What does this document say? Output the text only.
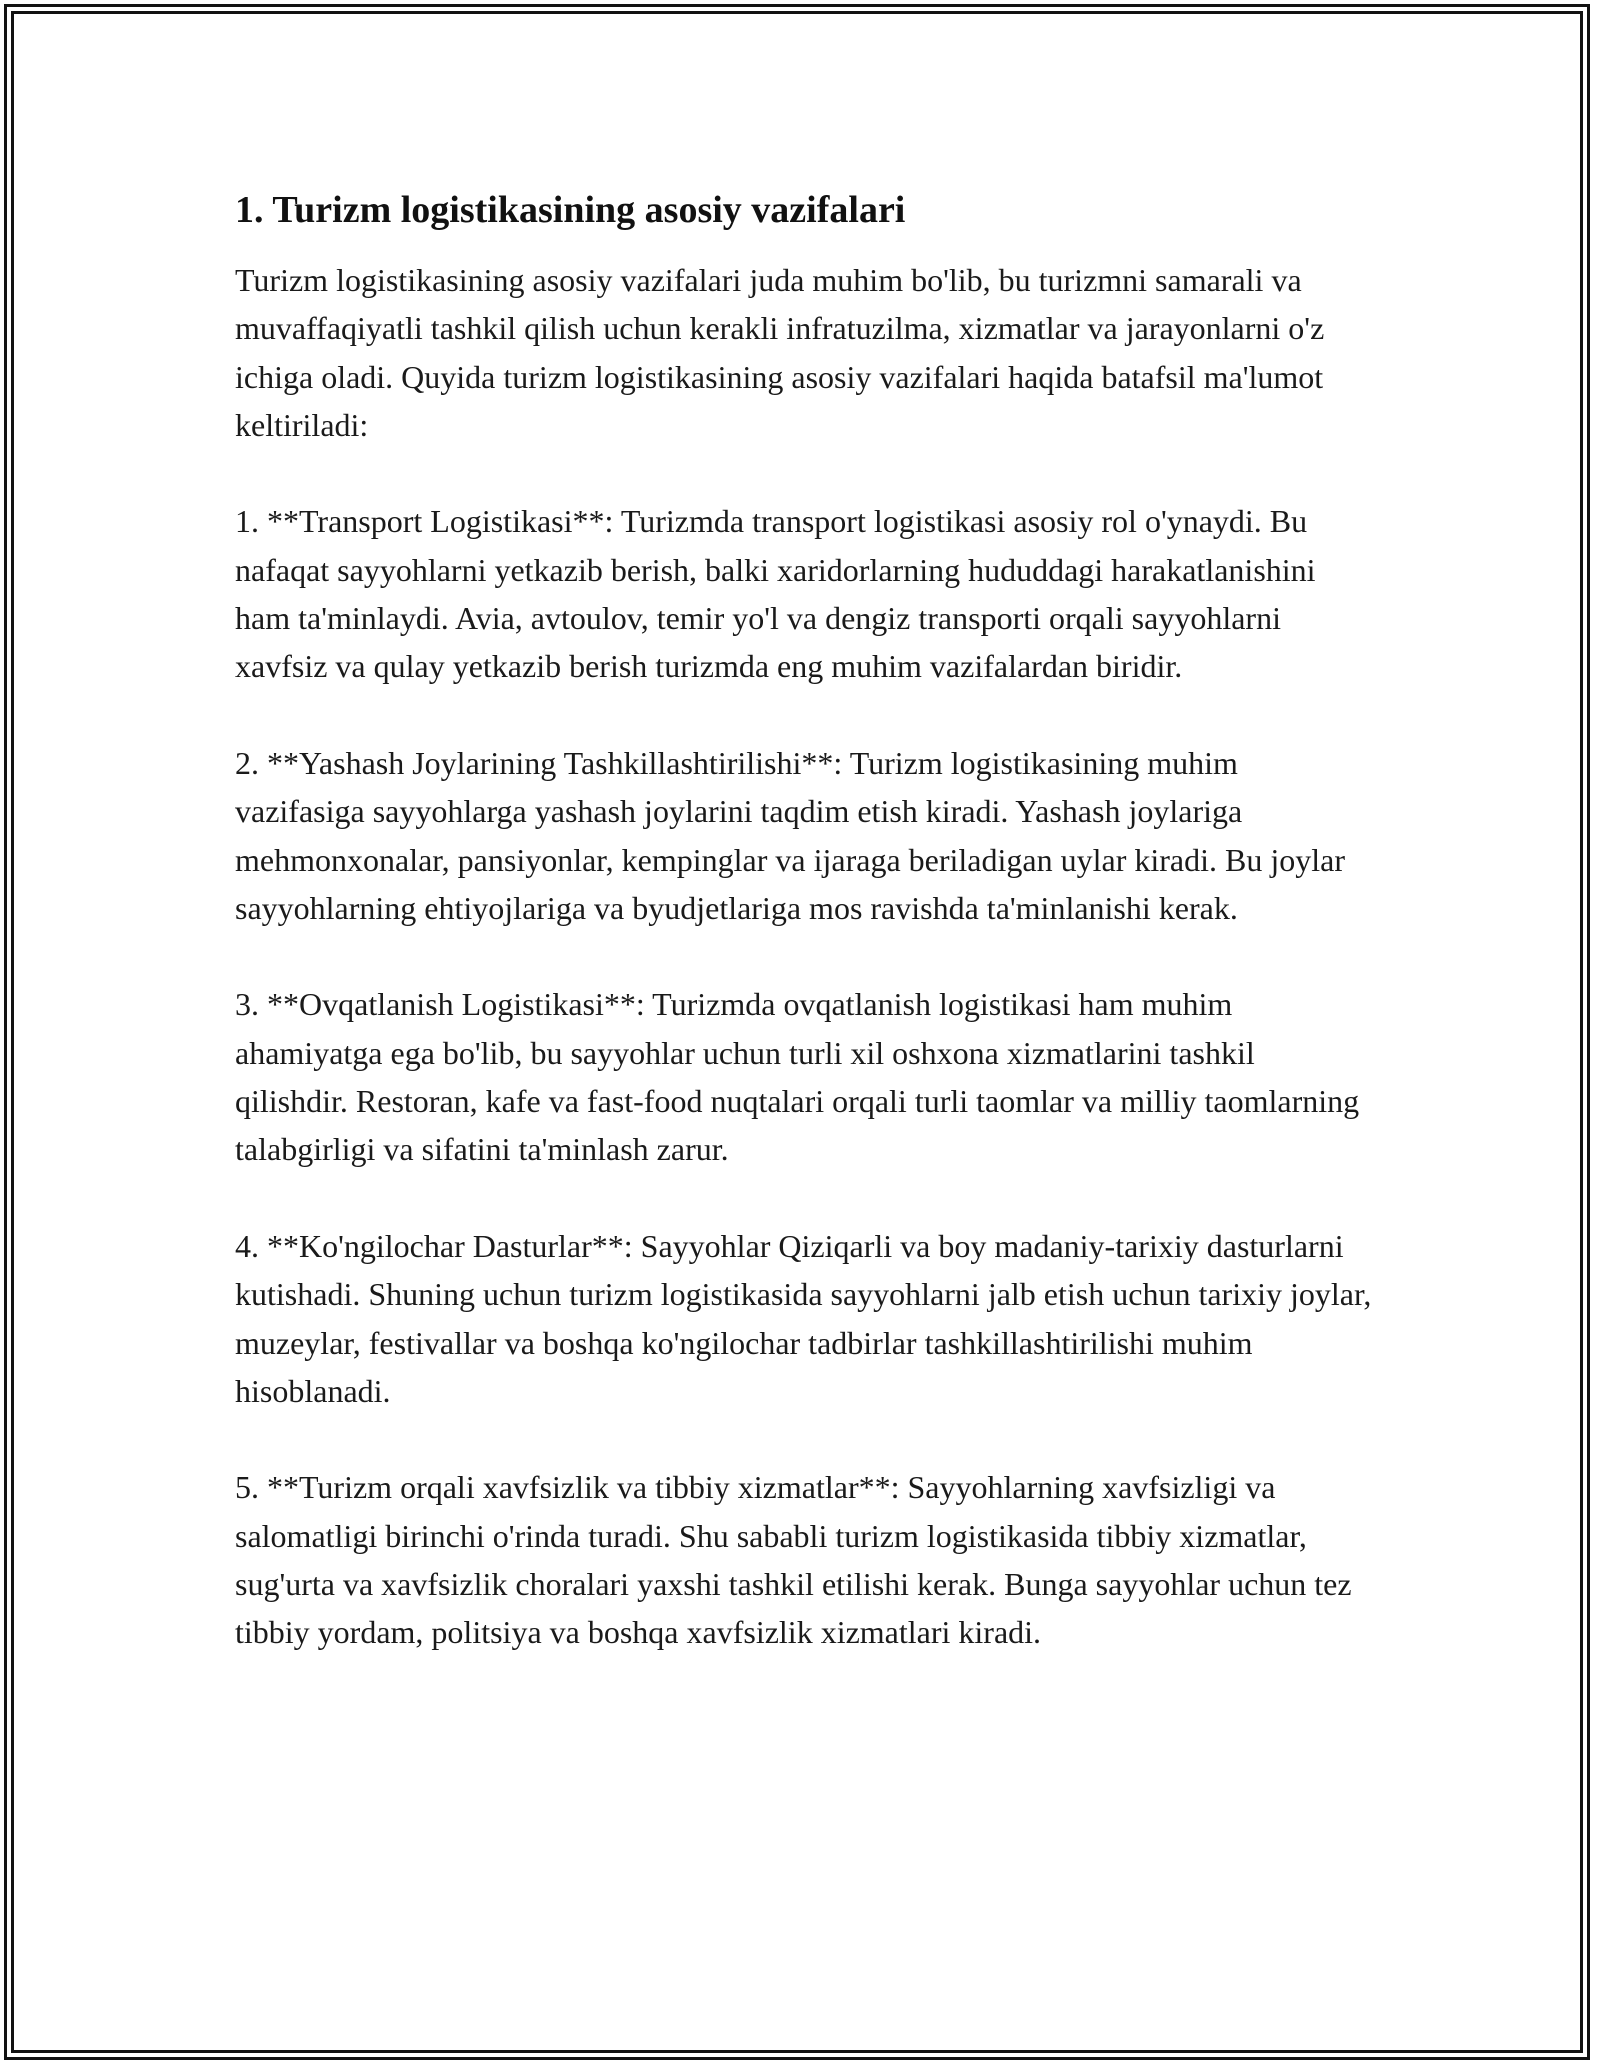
1. Turizm logistikasining asosiy vazifalari

Turizm logistikasining asosiy vazifalari juda muhim bo'lib, bu turizmni samarali va muvaffaqiyatli tashkil qilish uchun kerakli infratuzilma, xizmatlar va jarayonlarni o'z ichiga oladi. Quyida turizm logistikasining asosiy vazifalari haqida batafsil ma'lumot keltiriladi:

1. **Transport Logistikasi**: Turizmda transport logistikasi asosiy rol o'ynaydi. Bu nafaqat sayyohlarni yetkazib berish, balki xaridorlarning hududdagi harakatlanishini ham ta'minlaydi. Avia, avtoulov, temir yo'l va dengiz transporti orqali sayyohlarni xavfsiz va qulay yetkazib berish turizmda eng muhim vazifalardan biridir.

2. **Yashash Joylarining Tashkillashtirilishi**: Turizm logistikasining muhim vazifasiga sayyohlarga yashash joylarini taqdim etish kiradi. Yashash joylariga mehmonxonalar, pansiyonlar, kempinglar va ijaraga beriladigan uylar kiradi. Bu joylar sayyohlarning ehtiyojlariga va byudjetlariga mos ravishda ta'minlanishi kerak.

3. **Ovqatlanish Logistikasi**: Turizmda ovqatlanish logistikasi ham muhim ahamiyatga ega bo'lib, bu sayyohlar uchun turli xil oshxona xizmatlarini tashkil qilishdir. Restoran, kafe va fast-food nuqtalari orqali turli taomlar va milliy taomlarning talabgirligi va sifatini ta'minlash zarur.

4. **Ko'ngilochar Dasturlar**: Sayyohlar Qiziqarli va boy madaniy-tarixiy dasturlarni kutishadi. Shuning uchun turizm logistikasida sayyohlarni jalb etish uchun tarixiy joylar, muzeylar, festivallar va boshqa ko'ngilochar tadbirlar tashkillashtirilishi muhim hisoblanadi.

5. **Turizm orqali xavfsizlik va tibbiy xizmatlar**: Sayyohlarning xavfsizligi va salomatligi birinchi o'rinda turadi. Shu sababli turizm logistikasida tibbiy xizmatlar, sug'urta va xavfsizlik choralari yaxshi tashkil etilishi kerak. Bunga sayyohlar uchun tez tibbiy yordam, politsiya va boshqa xavfsizlik xizmatlari kiradi.
